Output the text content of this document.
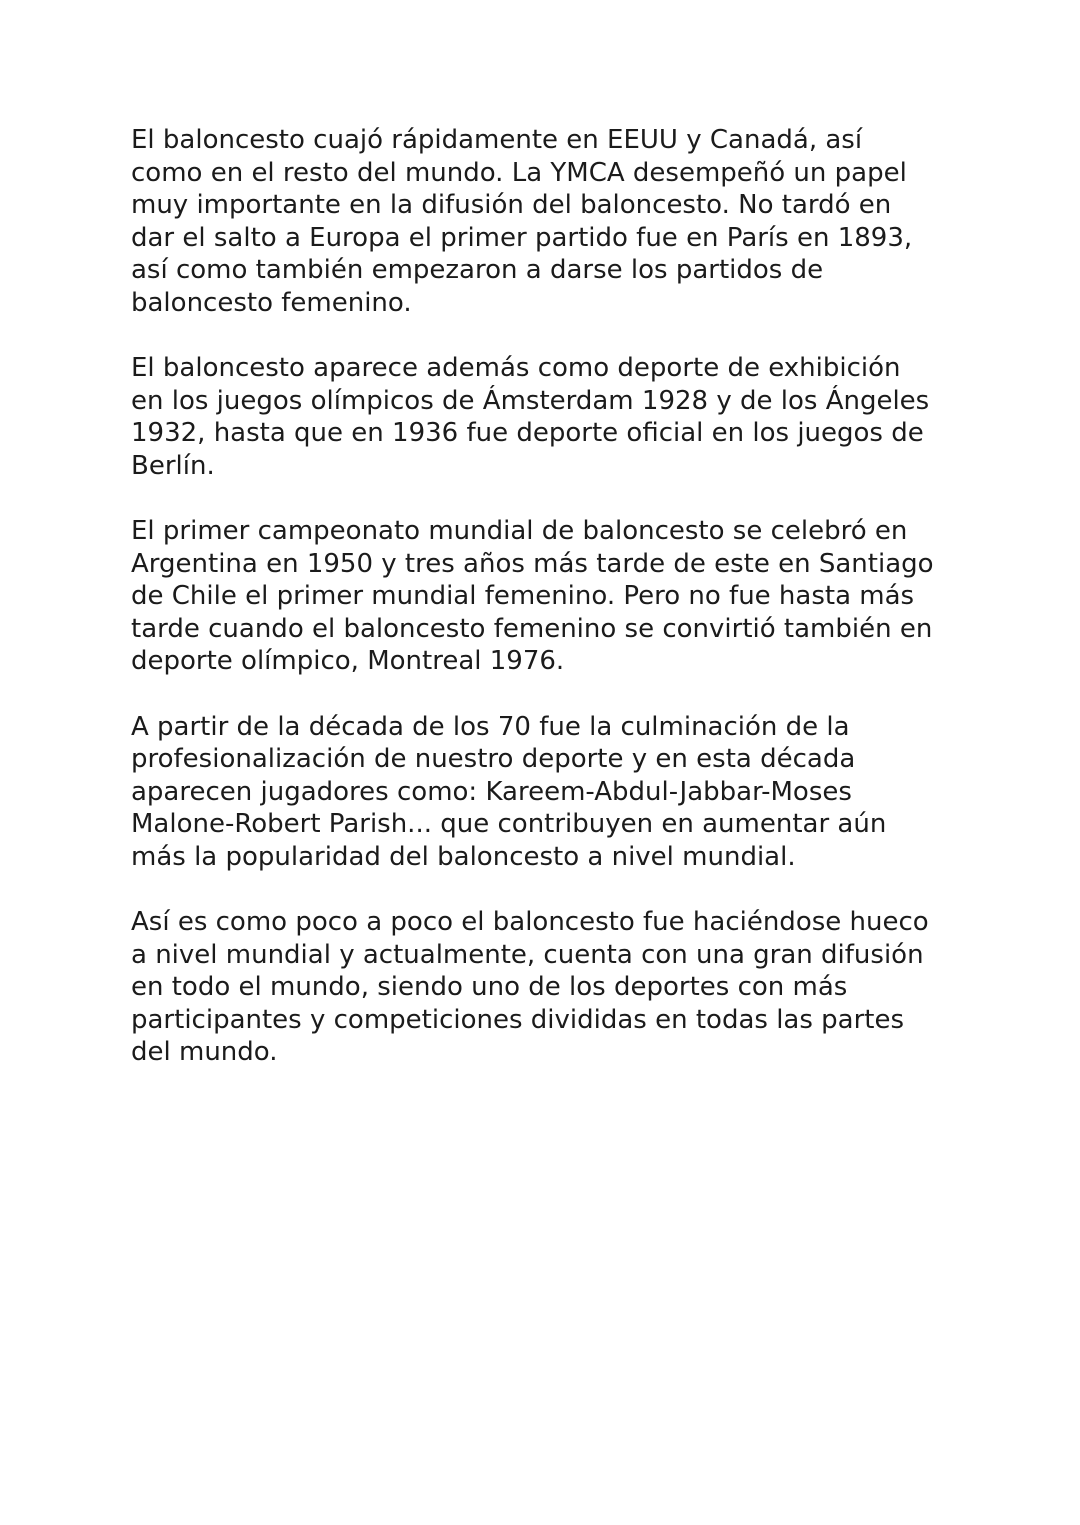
El baloncesto cuajó rápidamente en EEUU y Canadá, así
como en el resto del mundo. La YMCA desempeñó un papel
muy importante en la difusión del baloncesto. No tardó en
dar el salto a Europa el primer partido fue en París en 1893,
así como también empezaron a darse los partidos de
baloncesto femenino.

El baloncesto aparece además como deporte de exhibición
en los juegos olímpicos de Ámsterdam 1928 y de los Ángeles
1932, hasta que en 1936 fue deporte oficial en los juegos de
Berlín.

El primer campeonato mundial de baloncesto se celebró en
Argentina en 1950 y tres años más tarde de este en Santiago
de Chile el primer mundial femenino. Pero no fue hasta más
tarde cuando el baloncesto femenino se convirtió también en
deporte olímpico, Montreal 1976.

A partir de la década de los 70 fue la culminación de la
profesionalización de nuestro deporte y en esta década
aparecen jugadores como: Kareem-Abdul-Jabbar-Moses
Malone-Robert Parish... que contribuyen en aumentar aún
más la popularidad del baloncesto a nivel mundial.

Así es como poco a poco el baloncesto fue haciéndose hueco
a nivel mundial y actualmente, cuenta con una gran difusión
en todo el mundo, siendo uno de los deportes con más
participantes y competiciones divididas en todas las partes
del mundo.
